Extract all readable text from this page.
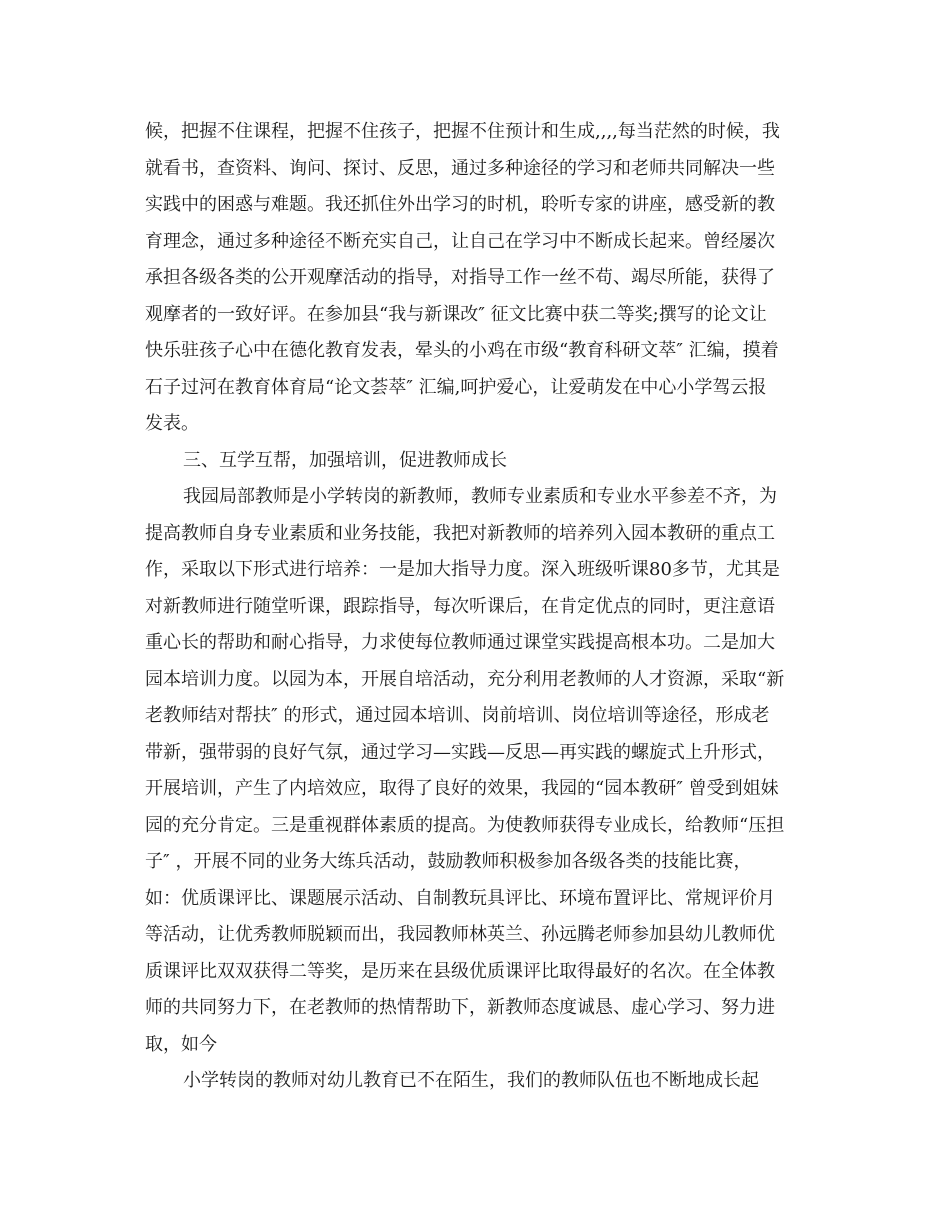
候，把握不住课程，把握不住孩子，把握不住预计和生成,,,,每当茫然的时候，我
就看书，查资料、询问、探讨、反思，通过多种途径的学习和老师共同解决一些
实践中的困惑与难题。我还抓住外出学习的时机，聆听专家的讲座，感受新的教
育理念，通过多种途径不断充实自己，让自己在学习中不断成长起来。曾经屡次
承担各级各类的公开观摩活动的指导，对指导工作一丝不苟、竭尽所能，获得了
观摩者的一致好评。在参加县“我与新课改″ 征文比赛中获二等奖;撰写的论文让
快乐驻孩子心中在德化教育发表，晕头的小鸡在市级“教育科研文萃″ 汇编，摸着
石子过河在教育体育局“论文荟萃″ 汇编,呵护爱心，让爱萌发在中心小学驾云报
发表。
三、互学互帮，加强培训，促进教师成长
我园局部教师是小学转岗的新教师，教师专业素质和专业水平参差不齐，为
提高教师自身专业素质和业务技能，我把对新教师的培养列入园本教研的重点工
作，采取以下形式进行培养：一是加大指导力度。深入班级听课80多节，尤其是
对新教师进行随堂听课，跟踪指导，每次听课后，在肯定优点的同时，更注意语
重心长的帮助和耐心指导，力求使每位教师通过课堂实践提高根本功。二是加大
园本培训力度。以园为本，开展自培活动，充分利用老教师的人才资源，采取“新
老教师结对帮扶″ 的形式，通过园本培训、岗前培训、岗位培训等途径，形成老
带新，强带弱的良好气氛，通过学习—实践—反思—再实践的螺旋式上升形式，
开展培训，产生了内培效应，取得了良好的效果，我园的“园本教研″ 曾受到姐妹
园的充分肯定。三是重视群体素质的提高。为使教师获得专业成长，给教师“压担
子″ ，开展不同的业务大练兵活动，鼓励教师积极参加各级各类的技能比赛，
如：优质课评比、课题展示活动、自制教玩具评比、环境布置评比、常规评价月
等活动，让优秀教师脱颖而出，我园教师林英兰、孙远腾老师参加县幼儿教师优
质课评比双双获得二等奖，是历来在县级优质课评比取得最好的名次。在全体教
师的共同努力下，在老教师的热情帮助下，新教师态度诚恳、虚心学习、努力进
取，如今
小学转岗的教师对幼儿教育已不在陌生，我们的教师队伍也不断地成长起
